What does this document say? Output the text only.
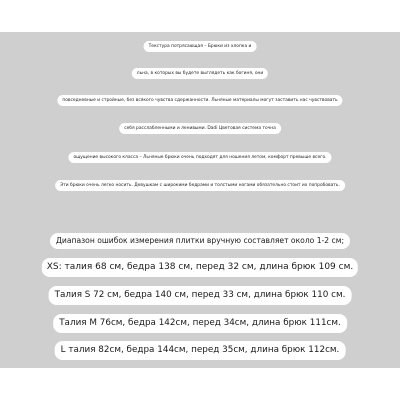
Текстура потрясающая – Брюки из хлопка и
льна, в которых вы будете выглядеть как богиня, они
повседневные и стройные, без всякого чувства сдержанности. Льняные материалы могут заставить нас чувствовать
себя расслабленными и ленивыми. Dadi Цветовая система точна
ощущение высокого класса – Льняные брюки очень подходят для ношения летом, комфорт превыше всего.
Эти брюки очень легко носить. Девушкам с широкими бедрами и толстыми ногами обязательно стоит их попробовать.
Диапазон ошибок измерения плитки вручную составляет около 1-2 см;
XS: талия 68 см, бедра 138 см, перед 32 см, длина брюк 109 см.
Талия S 72 см, бедра 140 см, перед 33 см, длина брюк 110 см.
Талия М 76см, бедра 142см, перед 34см, длина брюк 111см.
L талия 82см, бедра 144см, перед 35см, длина брюк 112см.
